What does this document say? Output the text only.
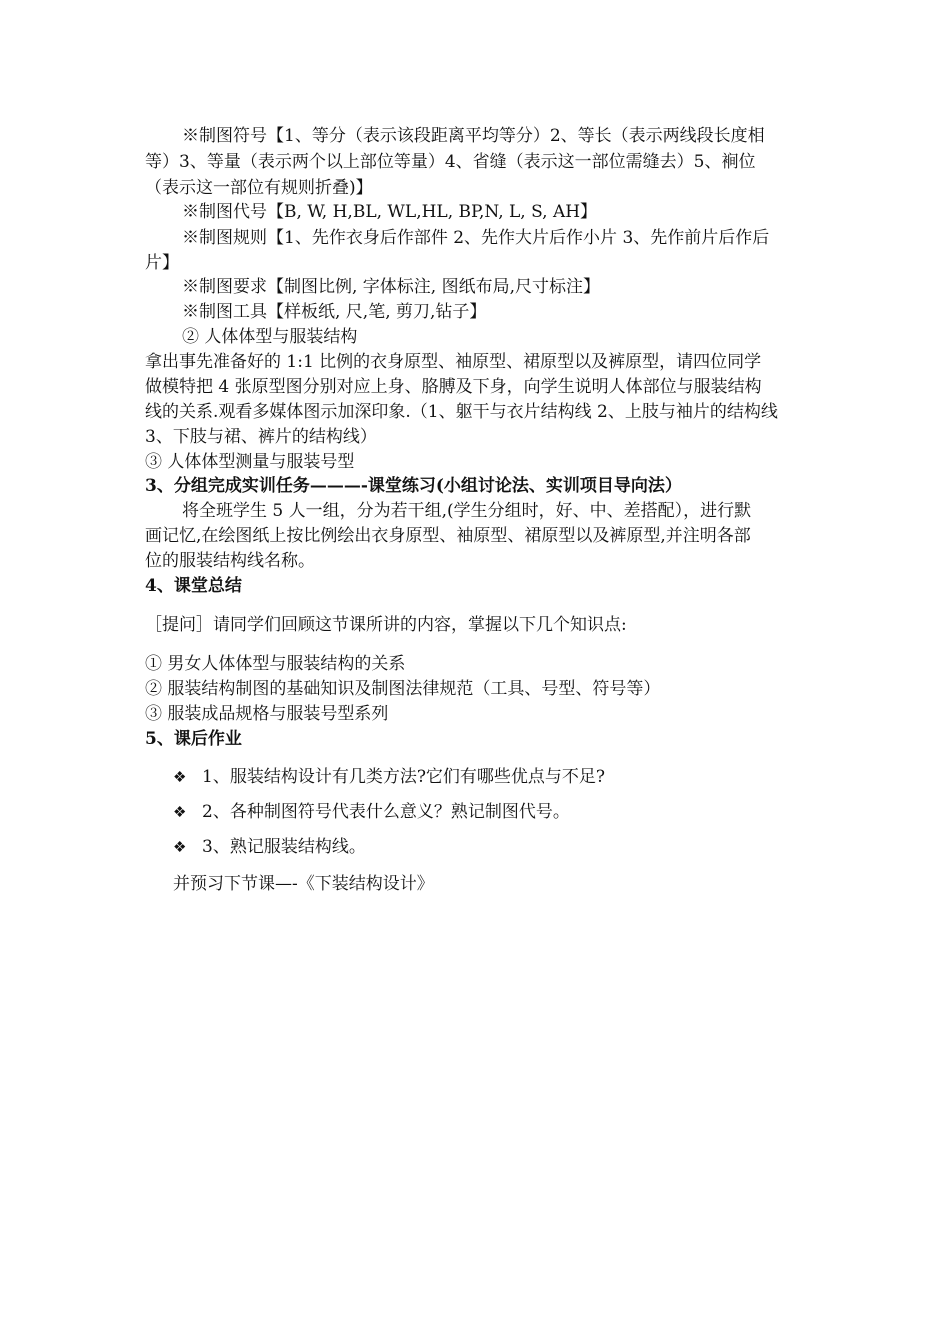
※制图符号【1、等分（表示该段距离平均等分）2、等长（表示两线段长度相
等）3、等量（表示两个以上部位等量）4、省缝（表示这一部位需缝去）5、裥位
（表示这一部位有规则折叠)】
※制图代号【B, W, H,BL, WL,HL, BP,N, L, S, AH】
※制图规则【1、先作衣身后作部件 2、先作大片后作小片 3、先作前片后作后
片】
※制图要求【制图比例, 字体标注, 图纸布局,尺寸标注】
※制图工具【样板纸, 尺,笔, 剪刀,钻子】
② 人体体型与服装结构
拿出事先准备好的 1:1 比例的衣身原型、袖原型、裙原型以及裤原型，请四位同学
做模特把 4 张原型图分别对应上身、胳膊及下身，向学生说明人体部位与服装结构
线的关系.观看多媒体图示加深印象.（1、躯干与衣片结构线 2、上肢与袖片的结构线
3、下肢与裙、裤片的结构线）
③ 人体体型测量与服装号型
3、分组完成实训任务———-课堂练习(小组讨论法、实训项目导向法）
将全班学生 5 人一组，分为若干组,(学生分组时，好、中、差搭配），进行默
画记忆,在绘图纸上按比例绘出衣身原型、袖原型、裙原型以及裤原型,并注明各部
位的服装结构线名称。
4、课堂总结
［提问］请同学们回顾这节课所讲的内容，掌握以下几个知识点:
① 男女人体体型与服装结构的关系
② 服装结构制图的基础知识及制图法律规范（工具、号型、符号等）
③ 服装成品规格与服装号型系列
5、课后作业
❖ 1、服装结构设计有几类方法?它们有哪些优点与不足?
❖ 2、各种制图符号代表什么意义？熟记制图代号。
❖ 3、熟记服装结构线。
并预习下节课—-《下装结构设计》
